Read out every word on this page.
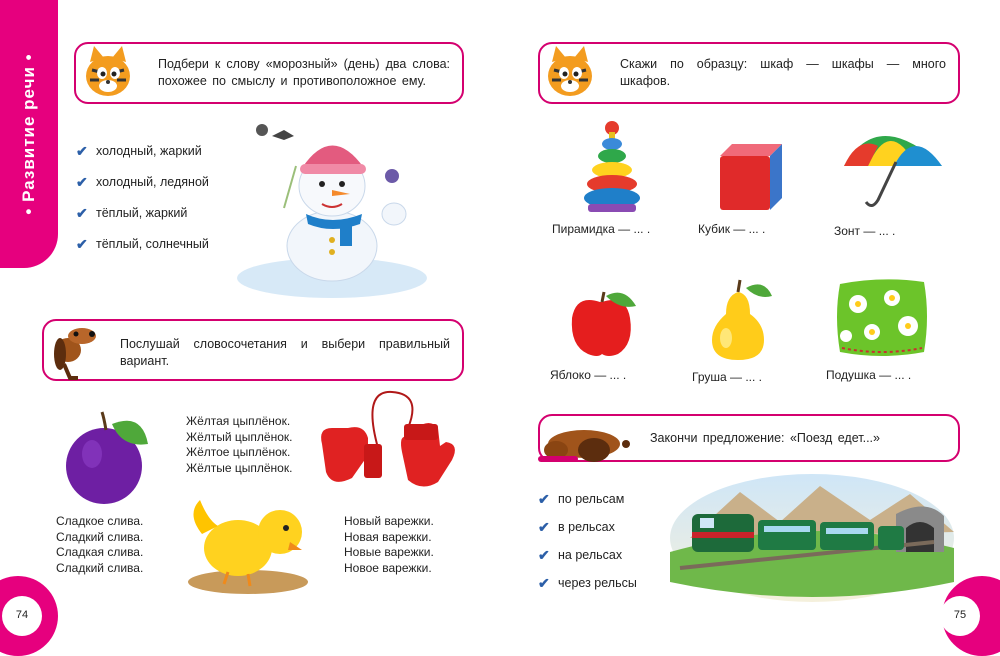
• Развитие речи •	Подбери к слову «морозный» (день) два слова: похожее по смыслу и противоположное ему.
✔ холодный, жаркий
✔ холодный, ледяной
✔ тёплый, жаркий
✔ тёплый, солнечный
Послушай словосочетания и выбери правильный вариант.
Сладкое слива.
Сладкий слива.
Сладкая слива.
Сладкий слива.
Жёлтая цыплёнок.
Жёлтый цыплёнок.
Жёлтое цыплёнок.
Жёлтые цыплёнок.
Новый варежки.
Новая варежки.
Новые варежки.
Новое варежки.
74
Скажи по образцу: шкаф — шкафы — много шкафов.
Пирамидка — ... .	Кубик — ... .	Зонт — ... .
Яблоко — ... .	Груша — ... .	Подушка — ... .
Закончи предложение: «Поезд едет...»
✔ по рельсам
✔ в рельсах
✔ на рельсах
✔ через рельсы
75
